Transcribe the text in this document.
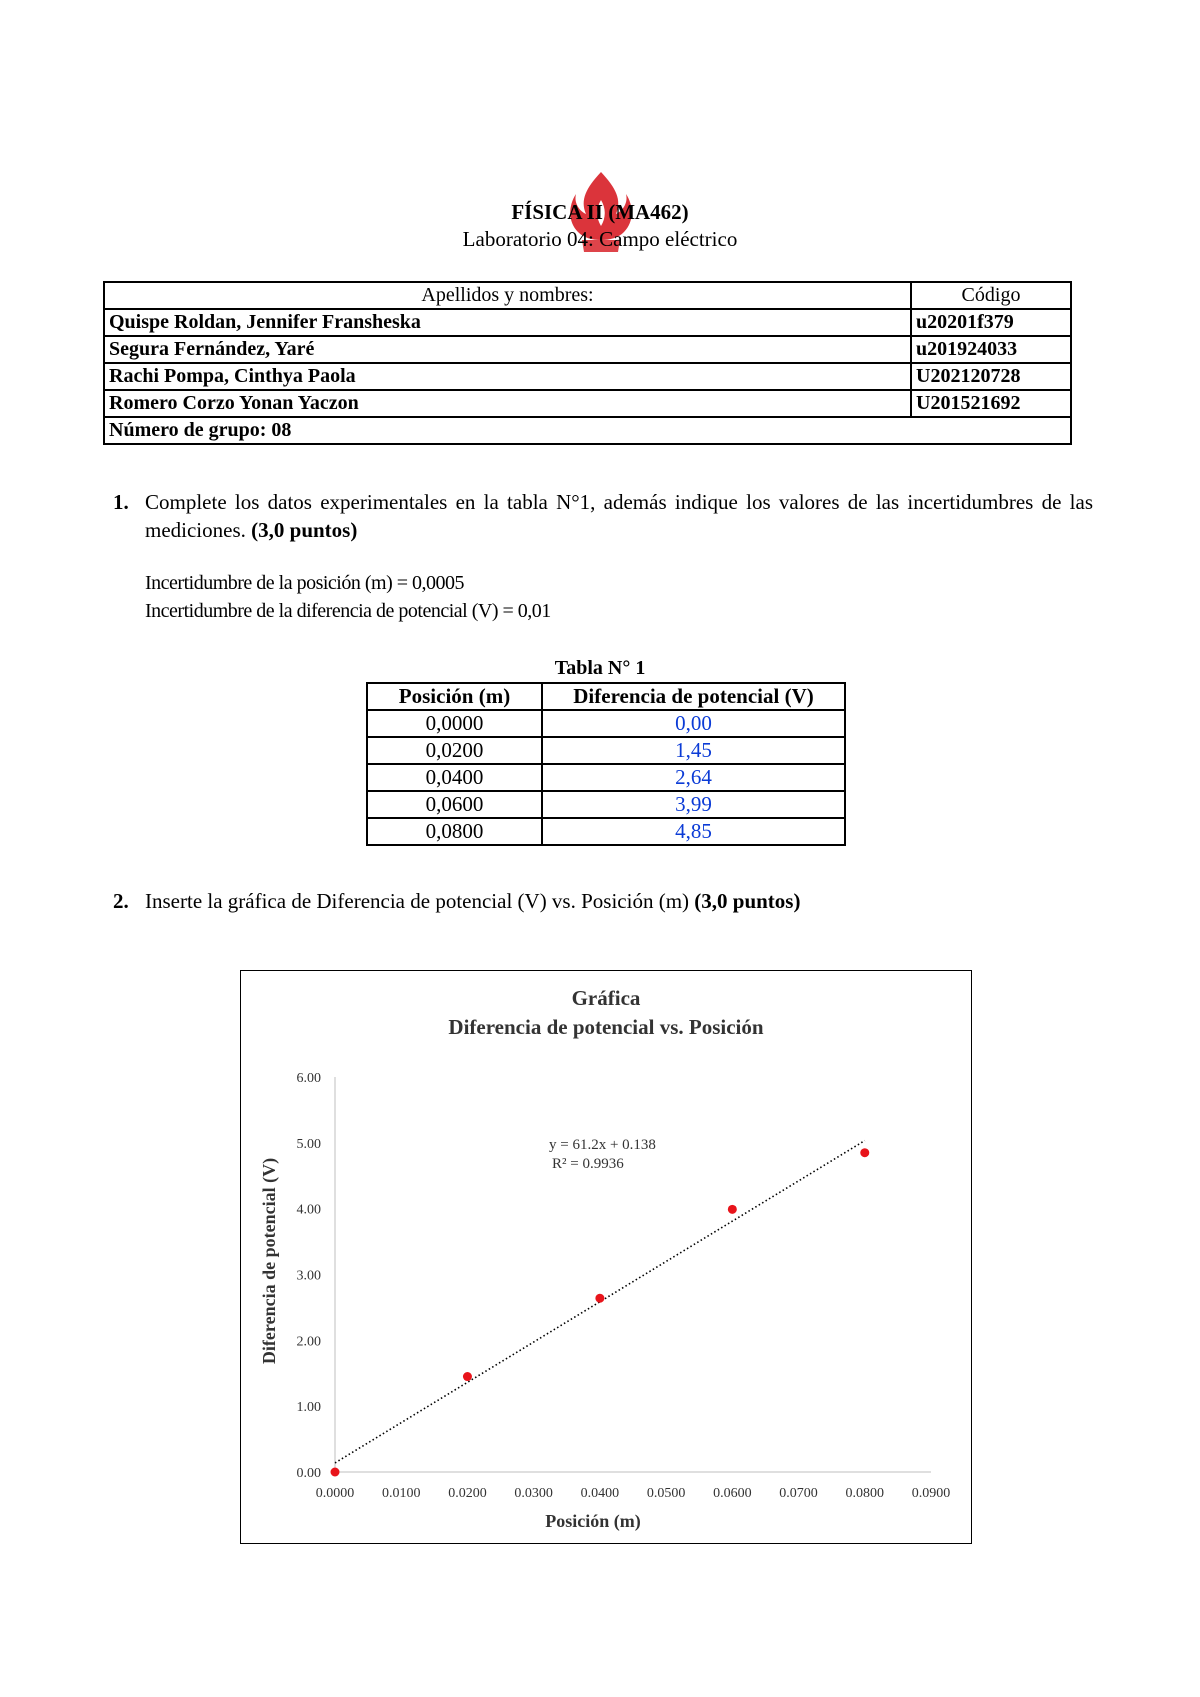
FÍSICA II (MA462)
Laboratorio 04: Campo eléctrico
Apellidos y nombres:	Código
Quispe Roldan, Jennifer Fransheska	u20201f379
Segura Fernández, Yaré	u201924033
Rachi Pompa, Cinthya Paola	U202120728
Romero Corzo Yonan Yaczon	U201521692
Número de grupo: 08	
1. Complete los datos experimentales en la tabla N°1, además indique los valores de las incertidumbres de las mediciones. (3,0 puntos)
Incertidumbre de la posición (m) = 0,0005
Incertidumbre de la diferencia de potencial (V) = 0,01
Tabla N° 1
Posición (m)	Diferencia de potencial (V)
0,0000	0,00
0,0200	1,45
0,0400	2,64
0,0600	3,99
0,0800	4,85
2. Inserte la gráfica de Diferencia de potencial (V) vs. Posición (m) (3,0 puntos)
Gráfica
Diferencia de potencial vs. Posición
Diferencia de potencial (V)
Posición (m)
y = 61.2x + 0.138
R² = 0.9936
0.00
1.00
2.00
3.00
4.00
5.00
6.00
0.0000 0.0100 0.0200 0.0300 0.0400 0.0500 0.0600 0.0700 0.0800 0.0900
